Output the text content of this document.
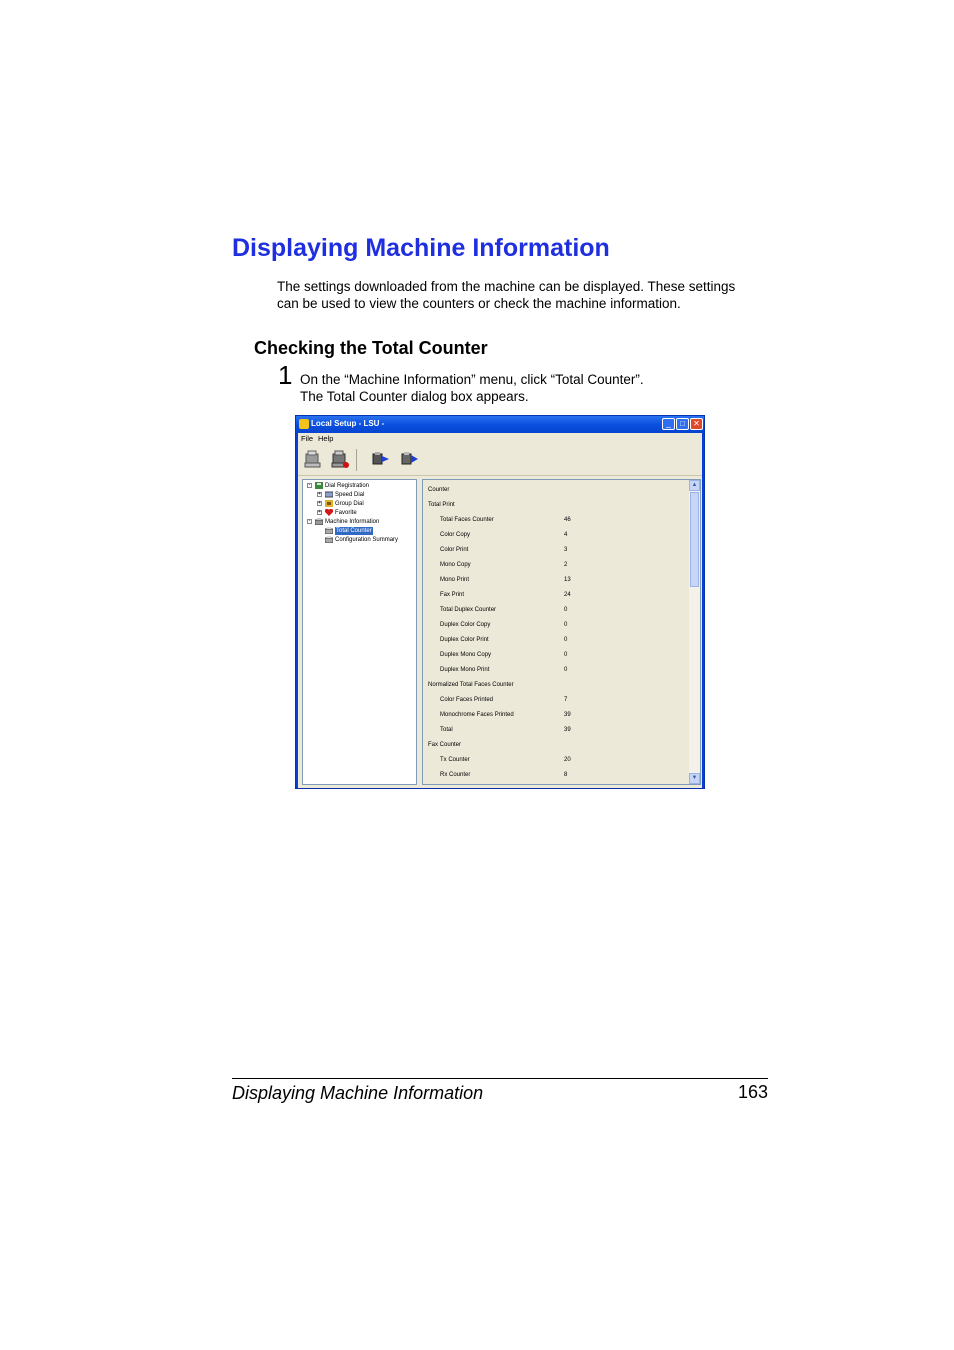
Displaying Machine Information
The settings downloaded from the machine can be displayed. These settings
can be used to view the counters or check the machine information.
Checking the Total Counter
1 On the “Machine Information” menu, click “Total Counter”.
The Total Counter dialog box appears.
Local Setup - LSU -	_	□	✕
File Help
- Dial Registration
+ Speed Dial
+ Group Dial
+ Favorite
- Machine Information
Total Counter
Configuration Summary
Counter
Total Print
Total Faces Counter	46
Color Copy	4
Color Print	3
Mono Copy	2
Mono Print	13
Fax Print	24
Total Duplex Counter	0
Duplex Color Copy	0
Duplex Color Print	0
Duplex Mono Copy	0
Duplex Mono Print	0
Normalized Total Faces Counter
Color Faces Printed	7
Monochrome Faces Printed	39
Total	39
Fax Counter
Tx Counter	20
Rx Counter	8
▲
▼
Displaying Machine Information	163
